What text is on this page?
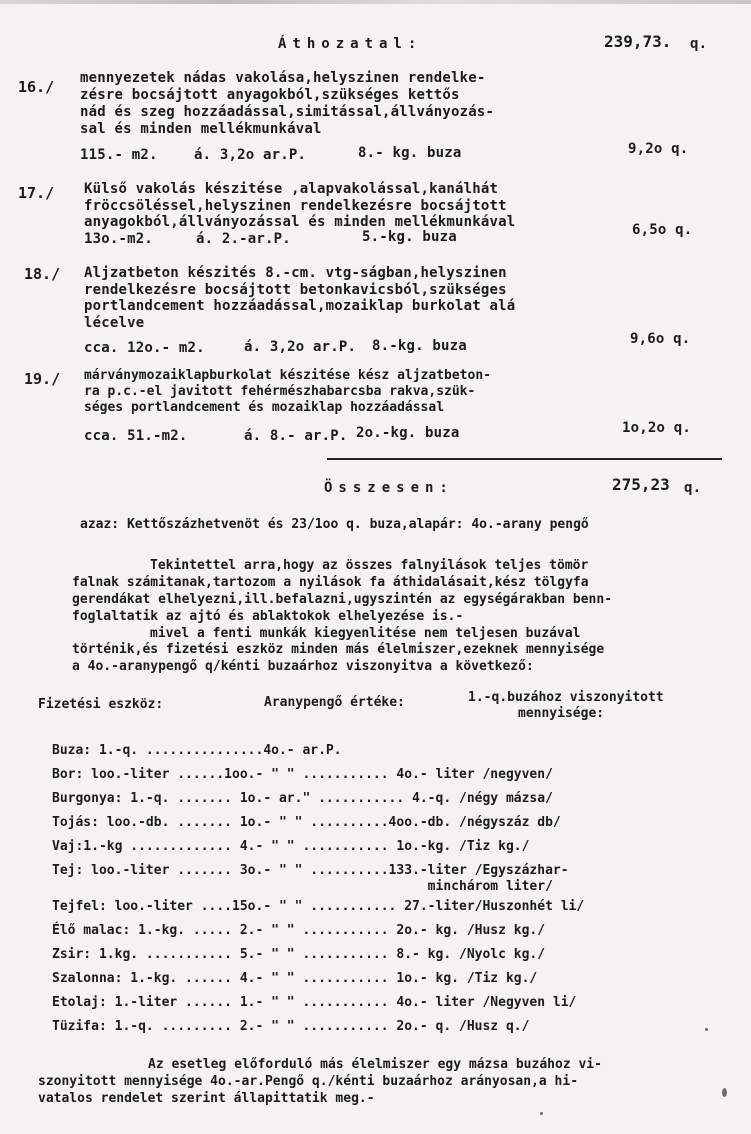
Áthozatal:	239,73. q.
16./ mennyezetek nádas vakolása,helyszinen rendelke-
zésre bocsájtott anyagokból,szükséges kettős
nád és szeg hozzáadással,simitással,állványozás-
sal és minden mellékmunkával
115.- m2.	á. 3,2o ar.P.	8.- kg. buza	9,2o q.
17./ Külső vakolás készitése ,alapvakolással,kanálhát
fröccsöléssel,helyszinen rendelkezésre bocsájtott
anyagokból,állványozással és minden mellékmunkával
13o.-m2.	á. 2.-ar.P.	5.-kg. buza	6,5o q.
18./ Aljzatbeton készités 8.-cm. vtg-ságban,helyszinen
rendelkezésre bocsájtott betonkavicsból,szükséges
portlandcement hozzáadással,mozaiklap burkolat alá
lécelve
cca. 12o.- m2.	á. 3,2o ar.P. 8.-kg. buza	9,6o q.
19./ márványmozaiklapburkolat készitése kész aljzatbeton-
ra p.c.-el javitott fehérmészhabarcsba rakva,szük-
séges portlandcement és mozaiklap hozzáadással
cca. 51.-m2.	á. 8.- ar.P. 2o.-kg. buza	1o,2o q.
Összesen:	275,23 q.
azaz: Kettőszázhetvenöt és 23/1oo q. buza,alapár: 4o.-arany pengő
Tekintettel arra,hogy az összes falnyilások teljes tömör
falnak számitanak,tartozom a nyilások fa áthidalásait,kész tölgyfa
gerendákat elhelyezni,ill.befalazni,ugyszintén az egységárakban benn-
foglaltatik az ajtó és ablaktokok elhelyezése is.-
mivel a fenti munkák kiegyenlitése nem teljesen buzával
történik,és fizetési eszköz minden más élelmiszer,ezeknek mennyisége
a 4o.-aranypengő q/kénti buzaárhoz viszonyitva a következő:
Fizetési eszköz:	Aranypengő értéke:	1.-q.buzához viszonyitott
mennyisége:
Buza: 1.-q. ...............4o.- ar.P.
Bor: loo.-liter ......1oo.- " " ........... 4o.- liter /negyven/
Burgonya: 1.-q. ....... 1o.- ar." ........... 4.-q. /négy mázsa/
Tojás: loo.-db. ....... 1o.- " " ..........4oo.-db. /négyszáz db/
Vaj:1.-kg ............. 4.- " " ........... 1o.-kg. /Tiz kg./
Tej: loo.-liter ....... 3o.- " " ..........133.-liter /Egyszázhar-
minchárom liter/
Tejfel: loo.-liter ....15o.- " " ........... 27.-liter/Huszonhét li/
Élő malac: 1.-kg. ..... 2.- " " ........... 2o.- kg. /Husz kg./
Zsir: 1.kg. ........... 5.- " " ........... 8.- kg. /Nyolc kg./
Szalonna: 1.-kg. ...... 4.- " " ........... 1o.- kg. /Tiz kg./
Etolaj: 1.-liter ...... 1.- " " ........... 4o.- liter /Negyven li/
Tüzifa: 1.-q. ......... 2.- " " ........... 2o.- q. /Husz q./
Az esetleg előforduló más élelmiszer egy mázsa buzához vi-
szonyitott mennyisége 4o.-ar.Pengő q./kénti buzaárhoz arányosan,a hi-
vatalos rendelet szerint állapittatik meg.-
